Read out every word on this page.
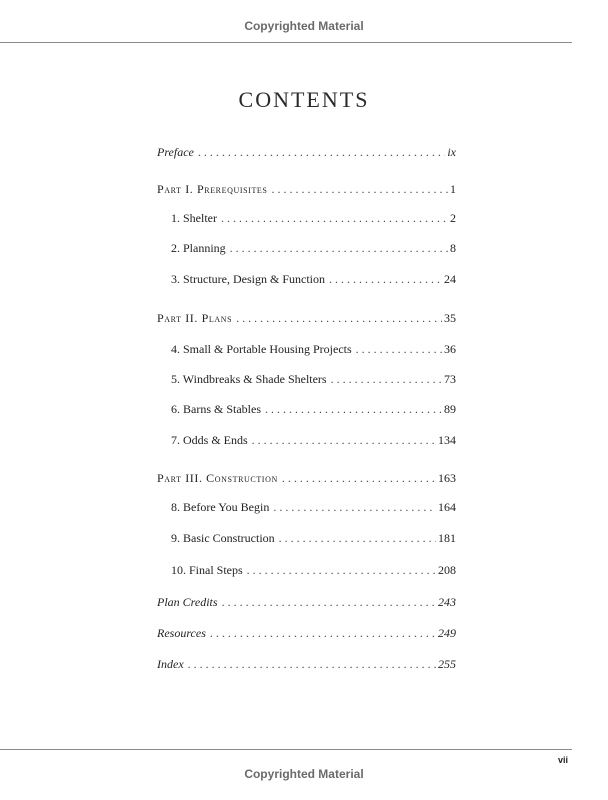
Copyrighted Material
CONTENTS
Preface . . .	ix
Part I. Prerequisites . . .	1
1. Shelter . . .	2
2. Planning . . .	8
3. Structure, Design & Function . . .	24
Part II. Plans . . .	35
4. Small & Portable Housing Projects . . .	36
5. Windbreaks & Shade Shelters . . .	73
6. Barns & Stables . . .	89
7. Odds & Ends . . .	134
Part III. Construction . . .	163
8. Before You Begin . . .	164
9. Basic Construction . . .	181
10. Final Steps . . .	208
Plan Credits . . .	243
Resources . . .	249
Index . . .	255
vii
Copyrighted Material
